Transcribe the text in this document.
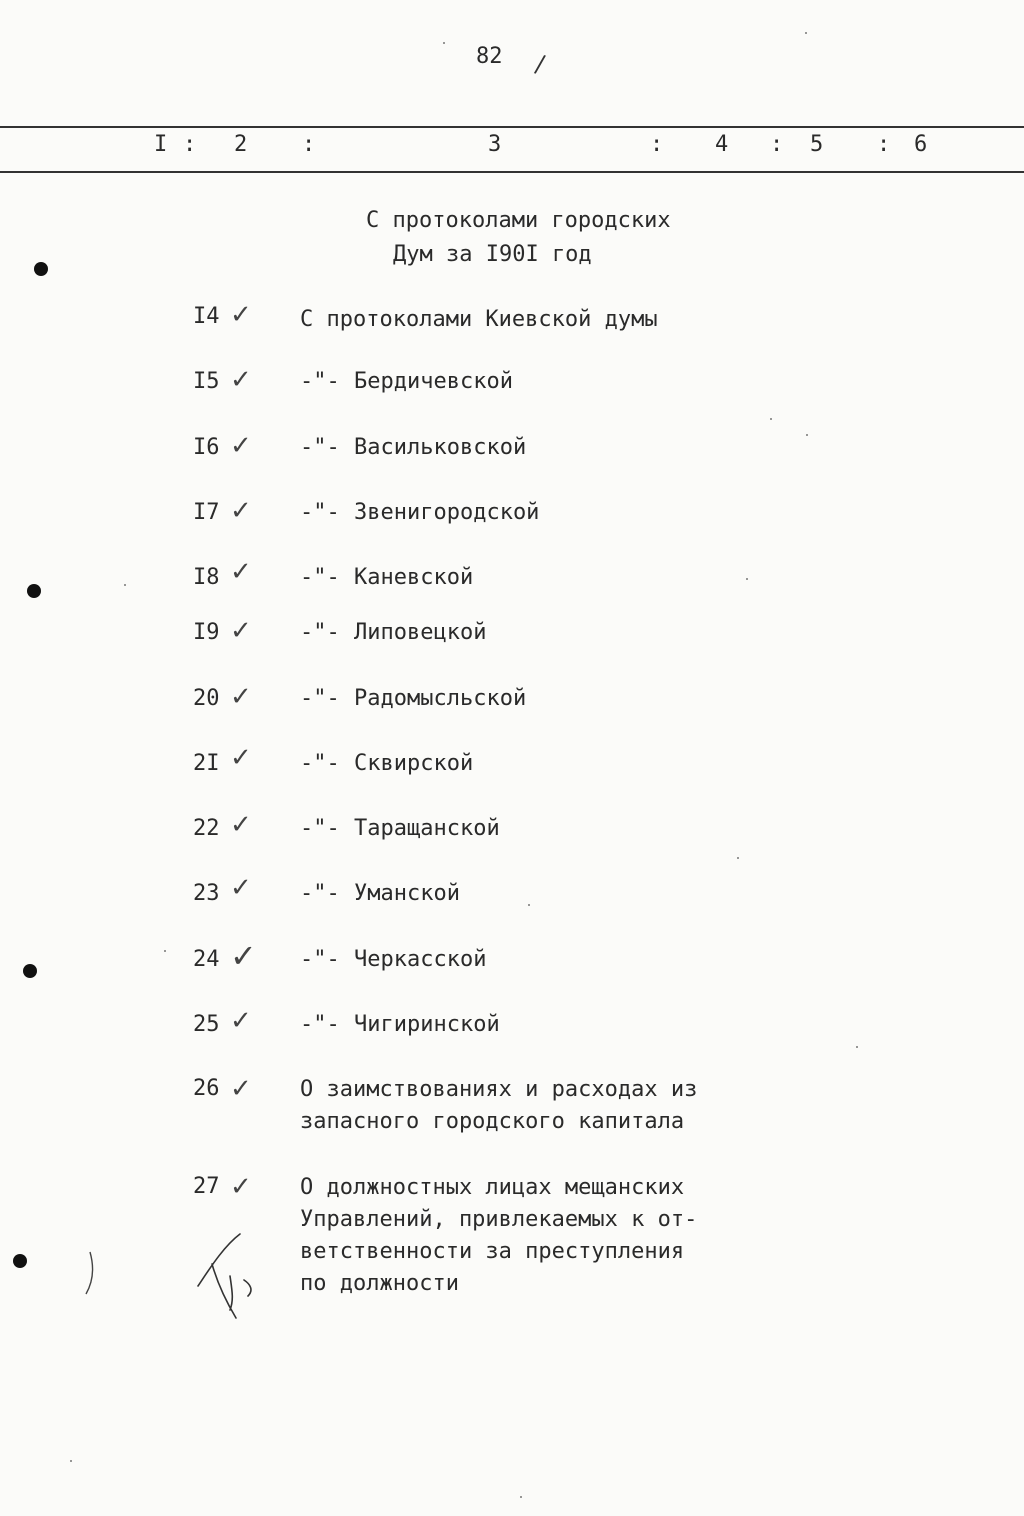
82 /
I : 2 :	3	: 4 : 5 : 6
С протоколами городских
Дум за I90I год
I4 ✓ С протоколами Киевской думы
I5 ✓ -"- Бердичевской
I6 ✓ -"- Васильковской
I7 ✓ -"- Звенигородской
I8 ✓ -"- Каневской
I9 ✓ -"- Липовецкой
20 ✓ -"- Радомысльской
2I ✓ -"- Сквирской
22 ✓ -"- Таращанской
23 ✓ -"- Уманской
24 ✓ -"- Черкасской
25 ✓ -"- Чигиринской
26 ✓ О заимствованиях и расходах из
запасного городского капитала
27 ✓ О должностных лицах мещанских
Управлений, привлекаемых к от-
ветственности за преступления
по должности
